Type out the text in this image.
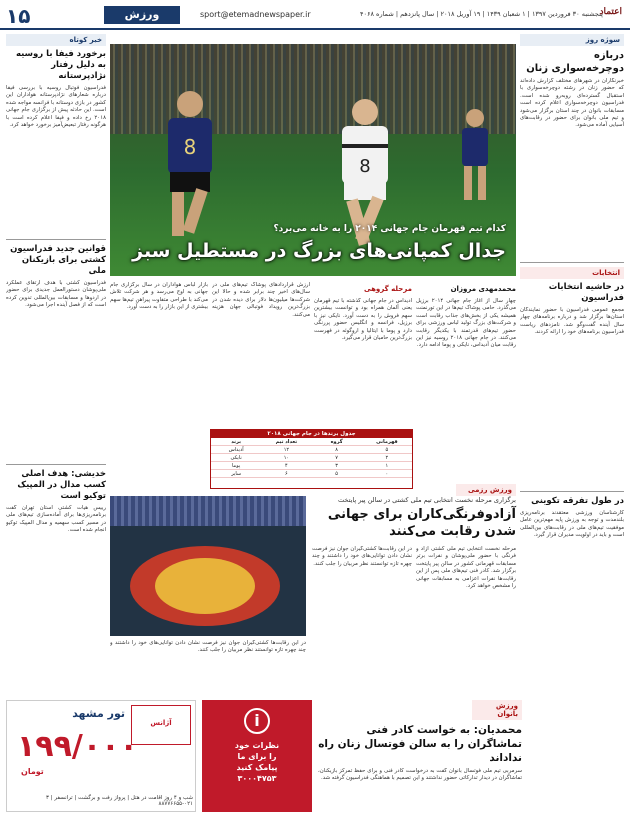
۱۵	ورزش	sport@etemadnewspaper.ir	پنجشنبه ۳۰ فروردین ۱۳۹۷ | ۱ شعبان ۱۴۳۹ | ۱۹ آوریل ۲۰۱۸ | سال پانزدهم | شماره ۴۰۶۸
اعتماد
خبر کوتاه
برخورد فیفا با روسیه به دلیل رفتار نژادپرستانه
فدراسیون فوتبال روسیه با بررسی فیفا درباره شعارهای نژادپرستانه هواداران این کشور در بازی دوستانه با فرانسه مواجه شده است. این حادثه پیش از برگزاری جام جهانی ۲۰۱۸ رخ داده و فیفا اعلام کرده است با هرگونه رفتار تبعیض‌آمیز برخورد خواهد کرد.
قوانین جدید فدراسیون کشتی برای بازیکنان ملی
فدراسیون کشتی با هدف ارتقای عملکرد ملی‌پوشان دستورالعمل جدیدی برای حضور در اردوها و مسابقات بین‌المللی تدوین کرده است که از فصل آینده اجرا می‌شود.
خدیشی: هدف اصلی کسب مدال در المپیک توکیو است
رییس هیات کشتی استان تهران گفت برنامه‌ریزی‌ها برای آماده‌سازی تیم‌های ملی در مسیر کسب سهمیه و مدال المپیک توکیو انجام شده است.
8
8
کدام تیم قهرمان جام جهانی ۲۰۱۴ را به خانه می‌برد؟
جدال کمپانی‌های بزرگ در مستطیل سبز
محمدمهدی مروزان
چهار سال از آغاز جام جهانی ۲۰۱۴ برزیل می‌گذرد. حامی پوشاک تیم‌ها در این تورنمنت همیشه یکی از بخش‌های جذاب رقابت است و شرکت‌های بزرگ تولید لباس ورزشی برای حضور تیم‌های قدرتمند با یکدیگر رقابت می‌کنند. در جام جهانی ۲۰۱۸ روسیه نیز این رقابت میان آدیداس، نایکی و پوما ادامه دارد.
مرحله گروهی
آدیداس در جام جهانی گذشته با تیم قهرمان یعنی آلمان همراه بود و توانست بیشترین سهم فروش را به دست آورد. نایکی نیز با برزیل، فرانسه و انگلیس حضور پررنگی دارد و پوما با ایتالیا و اروگوئه در فهرست بزرگ‌ترین حامیان قرار می‌گیرد.
ارزش قراردادهای پوشاک تیم‌های ملی در سال‌های اخیر چند برابر شده و حالا این شرکت‌ها میلیون‌ها دلار برای دیده شدن در بزرگ‌ترین رویداد فوتبالی جهان هزینه می‌کنند.
بازار لباس هواداران در سال برگزاری جام جهانی به اوج می‌رسد و هر شرکت تلاش می‌کند با طراحی متفاوت پیراهن تیم‌ها سهم بیشتری از این بازار را به دست آورد.
جدول برندها در جام جهانی ۲۰۱۸
برند	تعداد تیم	گروه	قهرمانی
آدیداس	۱۲	۸	۵
نایکی	۱۰	۷	۲
پوما	۴	۳	۱
سایر	۶	۵	۰
ورزش رزمی
برگزاری مرحله نخست انتخابی تیم ملی کشتی در سالن پیر پایتخت
آزادوفرنگی‌کاران برای جهانی شدن رقابت می‌کنند
مرحله نخست انتخابی تیم ملی کشتی آزاد و فرنگی با حضور ملی‌پوشان و نفرات برتر مسابقات قهرمانی کشور در سالن پیر پایتخت برگزار شد. کادر فنی تیم‌های ملی پس از این رقابت‌ها نفرات اعزامی به مسابقات جهانی را مشخص خواهد کرد.
در این رقابت‌ها کشتی‌گیران جوان نیز فرصت نشان دادن توانایی‌های خود را داشتند و چند چهره تازه توانستند نظر مربیان را جلب کنند.
در این رقابت‌ها کشتی‌گیران جوان نیز فرصت نشان دادن توانایی‌های خود را داشتند و چند چهره تازه توانستند نظر مربیان را جلب کنند.
سوژه روز
دربازه دوچرخه‌سواری زنان
خبرنگاران در شهرهای مختلف گزارش داده‌اند که حضور زنان در رشته دوچرخه‌سواری با استقبال گسترده‌ای روبه‌رو شده است. فدراسیون دوچرخه‌سواری اعلام کرده است مسابقات بانوان در چند استان برگزار می‌شود و تیم ملی بانوان برای حضور در رقابت‌های آسیایی آماده می‌شود.
انتخابات
در حاشیه انتخابات فدراسیون
مجمع عمومی فدراسیون با حضور نمایندگان استان‌ها برگزار شد و درباره برنامه‌های چهار سال آینده گفت‌وگو شد. نامزدهای ریاست فدراسیون برنامه‌های خود را ارائه کردند.
در طول تفرقه تکوینی
کارشناسان ورزشی معتقدند برنامه‌ریزی بلندمدت و توجه به ورزش پایه مهم‌ترین عامل موفقیت تیم‌های ملی در رقابت‌های بین‌المللی است و باید در اولویت مدیران قرار گیرد.
آژانس
تور مشهد
۱۹۹/۰۰۰
تومان
۳ شب و ۴ روز اقامت در هتل | پرواز رفت و برگشت | ترانسفر | ۰۲۱-۸۸۷۷۶۶۵۵
i
نظرات خود
را برای ما
پیامک کنید
۳۰۰۰۴۷۵۳
ورزش بانوان
محمدیان: به خواست کادر فنی تماشاگران را به سالن فوتسال زنان راه نداداند
سرمربی تیم ملی فوتسال بانوان گفت به درخواست کادر فنی و برای حفظ تمرکز بازیکنان، تماشاگران در دیدار تدارکاتی حضور نداشتند و این تصمیم با هماهنگی فدراسیون گرفته شد.
